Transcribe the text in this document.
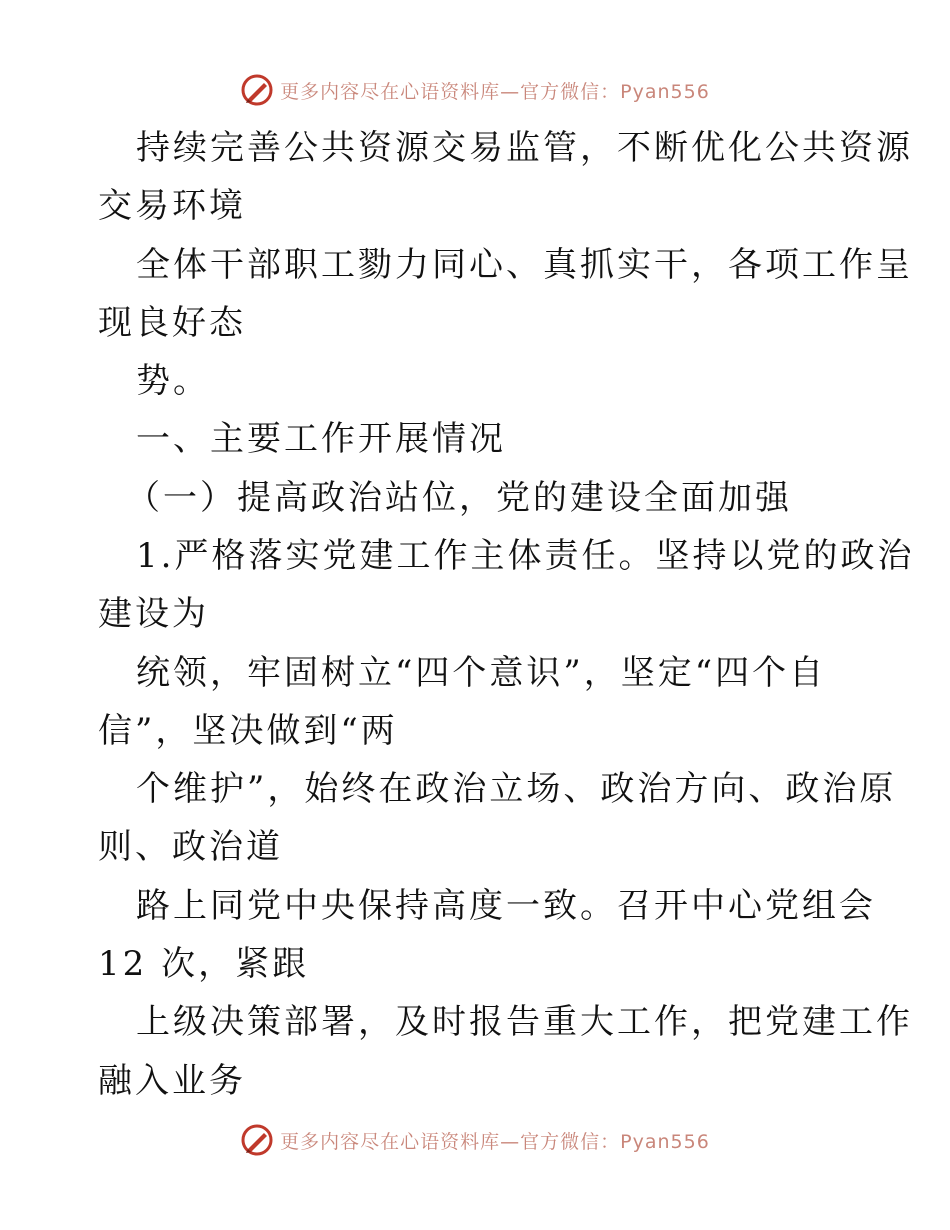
更多内容尽在心语资料库—官方微信：Pyan556
持续完善公共资源交易监管，不断优化公共资源
交易环境
全体干部职工勠力同心、真抓实干，各项工作呈
现良好态
势。
一、主要工作开展情况
（一）提高政治站位，党的建设全面加强
1.严格落实党建工作主体责任。坚持以党的政治
建设为
统领，牢固树立“四个意识”，坚定“四个自
信”，坚决做到“两
个维护”，始终在政治立场、政治方向、政治原
则、政治道
路上同党中央保持高度一致。召开中心党组会
12 次，紧跟
上级决策部署，及时报告重大工作，把党建工作
融入业务
更多内容尽在心语资料库—官方微信：Pyan556
